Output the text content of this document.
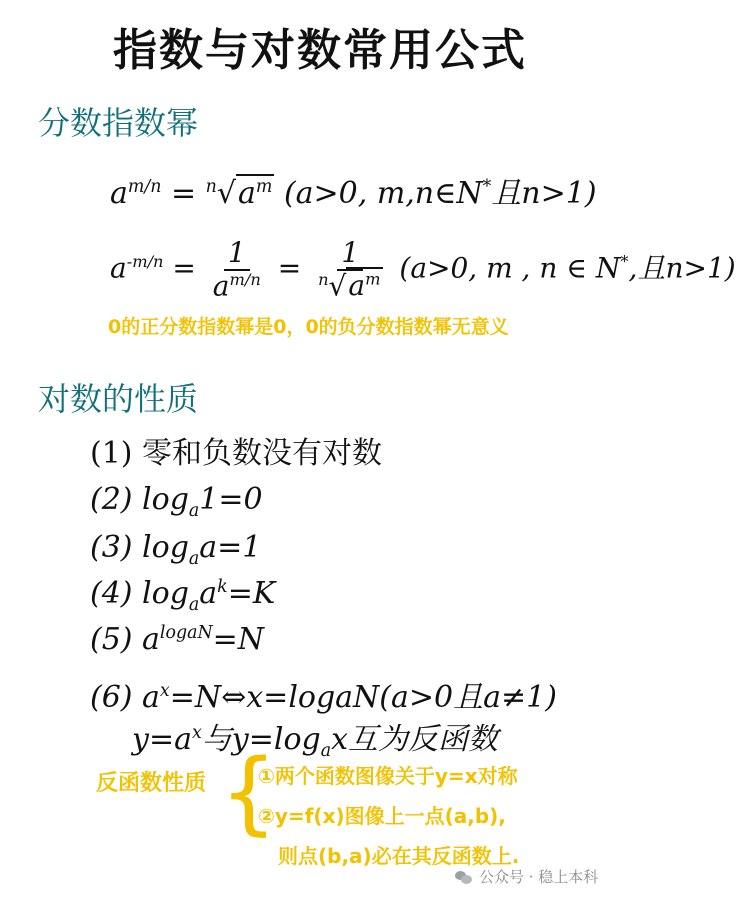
指数与对数常用公式
分数指数幂
$a^{m/n} = ^n√a^m$ (a>0, m,n∈N*且n>1)
$a^{-m/n} = \frac{1}{a^{m/n}} = \frac{1}{^n√a^m} (a>0$, m , n ∈ N*,且n>1)
0的正分数指数幂是0，0的负分数指数幂无意义
对数的性质
(1) 零和负数没有对数
(2) $\log_a1=0$
(3) $\log_aa=1$
(4) $\log_aa^k=K$
(5) $a^{logaN}=N$
(6) $a^x=N\Leftrightarrow x=logaN(a>0$且a≠1)
$y=a^x$与$y=\log_ax$互为反函数
反函数性质 {
①两个函数图像关于y=x对称
②y=f(x)图像上一点(a,b),
则点(b,a)必在其反函数上.
公众号 · 稳上本科
